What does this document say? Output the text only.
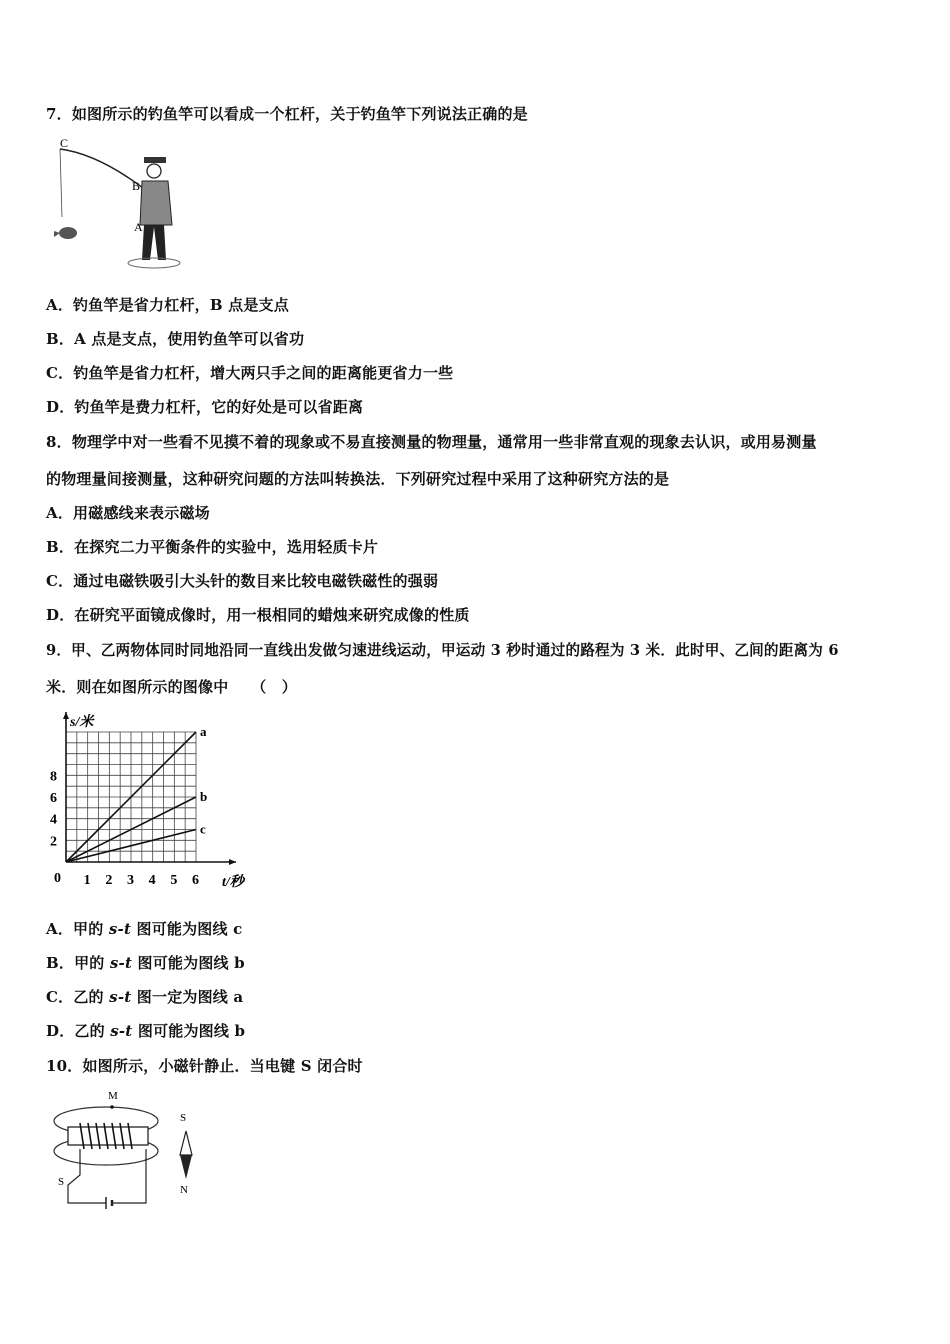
7．如图所示的钓鱼竿可以看成一个杠杆，关于钓鱼竿下列说法正确的是
C
B
A
A．钓鱼竿是省力杠杆，B 点是支点
B．A 点是支点，使用钓鱼竿可以省功
C．钓鱼竿是省力杠杆，增大两只手之间的距离能更省力一些
D．钓鱼竿是费力杠杆，它的好处是可以省距离
8．物理学中对一些看不见摸不着的现象或不易直接测量的物理量，通常用一些非常直观的现象去认识，或用易测量
的物理量间接测量，这种研究问题的方法叫转换法．下列研究过程中采用了这种研究方法的是
A．用磁感线来表示磁场
B．在探究二力平衡条件的实验中，选用轻质卡片
C．通过电磁铁吸引大头针的数目来比较电磁铁磁性的强弱
D．在研究平面镜成像时，用一根相同的蜡烛来研究成像的性质
9．甲、乙两物体同时同地沿同一直线出发做匀速进线运动，甲运动 3 秒时通过的路程为 3 米．此时甲、乙间的距离为 6
米．则在如图所示的图像中　　（　）
a
b
c
1 2 3 4 5 6
2
4
6
8
0	t/秒
s/米
A．甲的 s-t 图可能为图线 c
B．甲的 s-t 图可能为图线 b
C．乙的 s-t 图一定为图线 a
D．乙的 s-t 图可能为图线 b
10．如图所示，小磁针静止．当电键 S 闭合时
M
S
S
N
